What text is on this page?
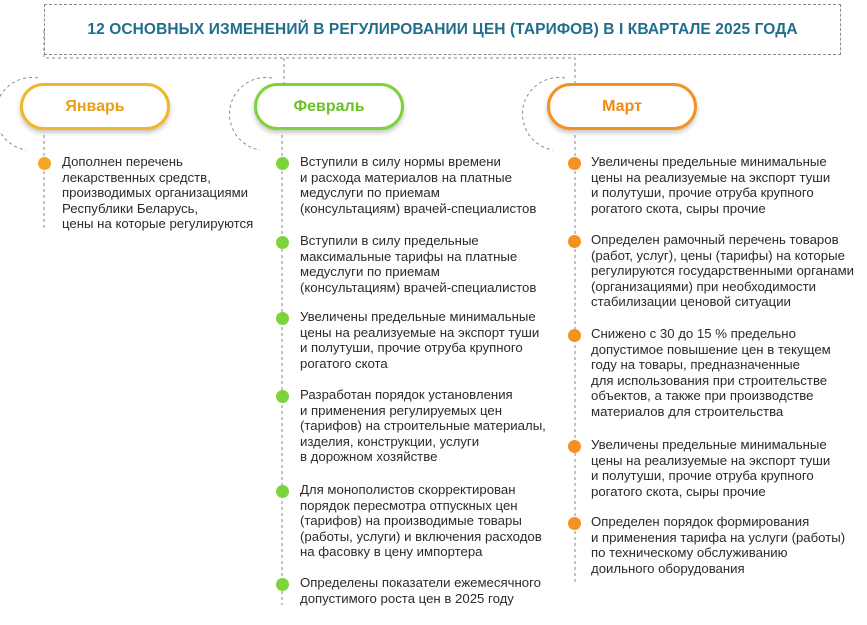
12 ОСНОВНЫХ ИЗМЕНЕНИЙ В РЕГУЛИРОВАНИИ ЦЕН (ТАРИФОВ) В I КВАРТАЛЕ 2025 ГОДА
Январь	Февраль	Март
Дополнен перечень
лекарственных средств,
производимых организациями
Республики Беларусь,
цены на которые регулируются
Вступили в силу нормы времени
и расхода материалов на платные
медуслуги по приемам
(консультациям) врачей-специалистов
Вступили в силу предельные
максимальные тарифы на платные
медуслуги по приемам
(консультациям) врачей-специалистов
Увеличены предельные минимальные
цены на реализуемые на экспорт туши
и полутуши, прочие отруба крупного
рогатого скота
Разработан порядок установления
и применения регулируемых цен
(тарифов) на строительные материалы,
изделия, конструкции, услуги
в дорожном хозяйстве
Для монополистов скорректирован
порядок пересмотра отпускных цен
(тарифов) на производимые товары
(работы, услуги) и включения расходов
на фасовку в цену импортера
Определены показатели ежемесячного
допустимого роста цен в 2025 году
Увеличены предельные минимальные
цены на реализуемые на экспорт туши
и полутуши, прочие отруба крупного
рогатого скота, сыры прочие
Определен рамочный перечень товаров
(работ, услуг), цены (тарифы) на которые
регулируются государственными органами
(организациями) при необходимости
стабилизации ценовой ситуации
Снижено с 30 до 15 % предельно
допустимое повышение цен в текущем
году на товары, предназначенные
для использования при строительстве
объектов, а также при производстве
материалов для строительства
Увеличены предельные минимальные
цены на реализуемые на экспорт туши
и полутуши, прочие отруба крупного
рогатого скота, сыры прочие
Определен порядок формирования
и применения тарифа на услуги (работы)
по техническому обслуживанию
доильного оборудования
